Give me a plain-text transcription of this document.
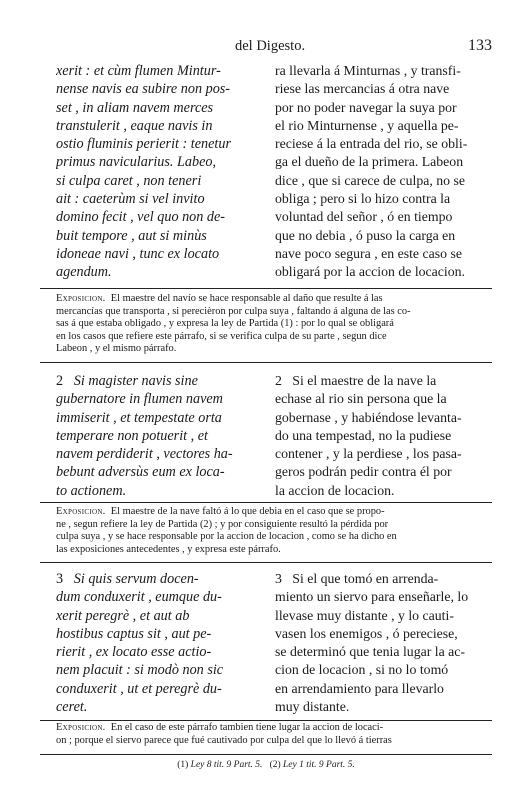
del Digesto.	133
xerit : et cùm flumen Mintur-
nense navis ea subire non pos-
set , in aliam navem merces
transtulerit , eaque navis in
ostio fluminis perierit : tenetur
primus navicularius. Labeo,
si culpa caret , non teneri
ait : caeterùm si vel invito
domino fecit , vel quo non de-
buit tempore , aut si minùs
idoneae navi , tunc ex locato
agendum.
ra llevarla á Minturnas , y transfi-
riese las mercancias á otra nave
por no poder navegar la suya por
el rio Minturnense , y aquella pe-
reciese á la entrada del rio, se obli-
ga el dueño de la primera. Labeon
dice , que si carece de culpa, no se
obliga ; pero si lo hizo contra la
voluntad del señor , ó en tiempo
que no debia , ó puso la carga en
nave poco segura , en este caso se
obligará por la accion de locacion.
Exposicion. El maestre del navío se hace responsable al daño que resulte á las
mercancías que transporta , si perecièron por culpa suya , faltando á alguna de las co-
sas á que estaba obligado , y expresa la ley de Partida (1) : por lo qual se obligará
en los casos que refiere este párrafo, si se verifica culpa de su parte , segun dice
Labeon , y el mismo párrafo.
2 Si magister navis sine
gubernatore in flumen navem
immiserit , et tempestate orta
temperare non potuerit , et
navem perdiderit , vectores ha-
bebunt adversùs eum ex loca-
to actionem.
2 Si el maestre de la nave la
echase al rio sin persona que la
gobernase , y habiéndose levanta-
do una tempestad, no la pudiese
contener , y la perdiese , los pasa-
geros podrán pedir contra él por
la accion de locacion.
Exposicion. El maestre de la nave faltó á lo que debia en el caso que se propo-
ne , segun refiere la ley de Partida (2) ; y por consiguiente resultó la pérdida por
culpa suya , y se hace responsable por la accion de locacion , como se ha dicho en
las exposiciones antecedentes , y expresa este párrafo.
3 Si quis servum docen-
dum conduxerit , eumque du-
xerit peregrè , et aut ab
hostibus captus sit , aut pe-
rierit , ex locato esse actio-
nem placuit : si modò non sic
conduxerit , ut et peregrè du-
ceret.
3 Si el que tomó en arrenda-
miento un siervo para enseñarle, lo
llevase muy distante , y lo cauti-
vasen los enemigos , ó pereciese,
se determinó que tenia lugar la ac-
cion de locacion , si no lo tomó
en arrendamiento para llevarlo
muy distante.
Exposicion. En el caso de este párrafo tambien tiene lugar la accion de locaci-
on ; porque el siervo parece que fué cautivado por culpa del que lo llevó á tierras
(1) Ley 8 tit. 9 Part. 5. (2) Ley 1 tit. 9 Part. 5.
